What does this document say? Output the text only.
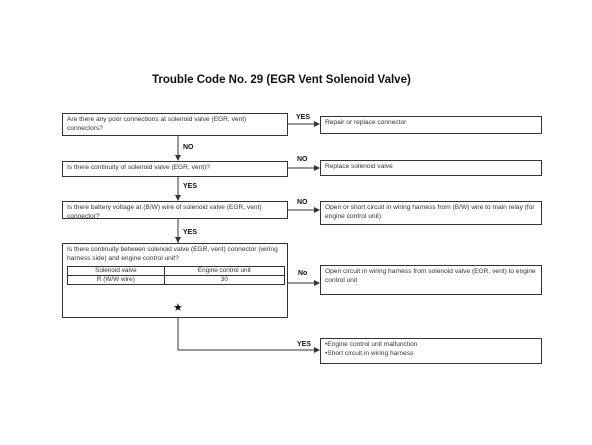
Trouble Code No. 29 (EGR Vent Solenoid Valve)
Are there any poor connections at solenoid valve (EGR, vent) connectors?
YES
Repair or replace connector
NO
Is there continuity of solenoid valve (EGR, vent)?
NO
Replace solenoid valve
YES
Is there battery voltage at (B/W) wire of solenoid valve (EGR, vent) connector?
NO
Open or short circuit in wiring harness from (B/W) wire to main relay (for engine control unit)
YES
Is there continuity between solenoid valve (EGR, vent) connector (wiring harness side) and engine control unit?
Solenoid valve	Engine control unit
R (W/W wire)	30
★
No	Open circuit in wiring harness from solenoid valve (EGR, vent) to engine control unit
YES •Engine control unit malfunction
•Short circuit in wiring harness
